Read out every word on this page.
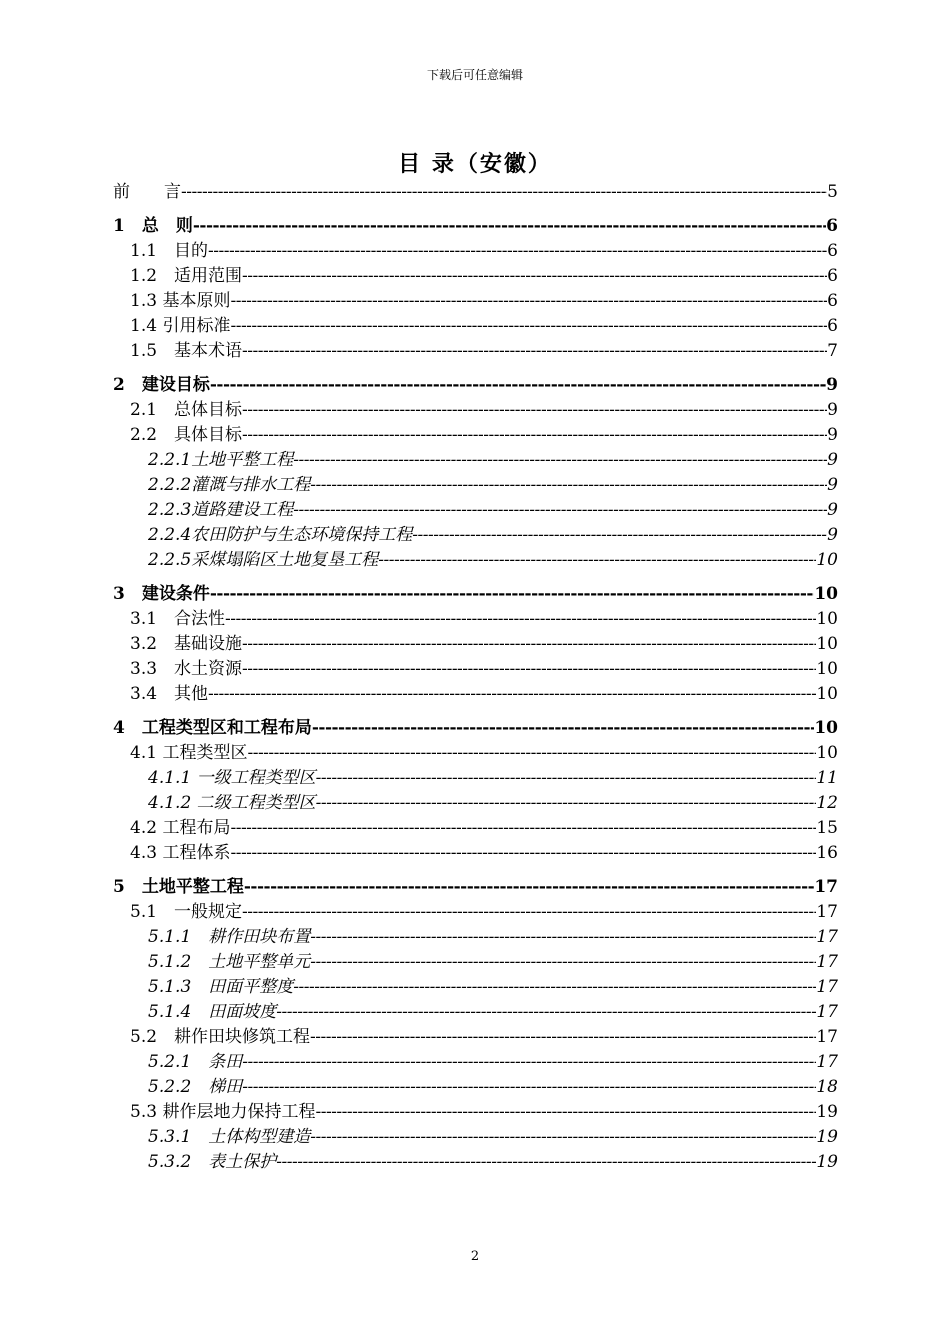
下载后可任意编辑
目 录（安徽）
前　　言 -----	5
1　总　则 -----	6
1.1　目的 -----	6
1.2　适用范围 -----	6
1.3 基本原则 -----	6
1.4 引用标准 -----	6
1.5　基本术语 -----	7
2　建设目标 -----	9
2.1　总体目标 -----	9
2.2　具体目标 -----	9
2.2.1土地平整工程 -----	9
2.2.2灌溉与排水工程 -----	9
2.2.3道路建设工程 -----	9
2.2.4农田防护与生态环境保持工程 -----	9
2.2.5采煤塌陷区土地复垦工程 -----	10
3　建设条件 -----	10
3.1　合法性 -----	10
3.2　基础设施 -----	10
3.3　水土资源 -----	10
3.4　其他 -----	10
4　工程类型区和工程布局 -----	10
4.1 工程类型区 -----	10
4.1.1 一级工程类型区 -----	11
4.1.2 二级工程类型区 -----	12
4.2 工程布局 -----	15
4.3 工程体系 -----	16
5　土地平整工程 -----	17
5.1　一般规定 -----	17
5.1.1　耕作田块布置 -----	17
5.1.2　土地平整单元 -----	17
5.1.3　田面平整度 -----	17
5.1.4　田面坡度 -----	17
5.2　耕作田块修筑工程 -----	17
5.2.1　条田 -----	17
5.2.2　梯田 -----	18
5.3 耕作层地力保持工程 -----	19
5.3.1　土体构型建造 -----	19
5.3.2　表土保护 -----	19
2
